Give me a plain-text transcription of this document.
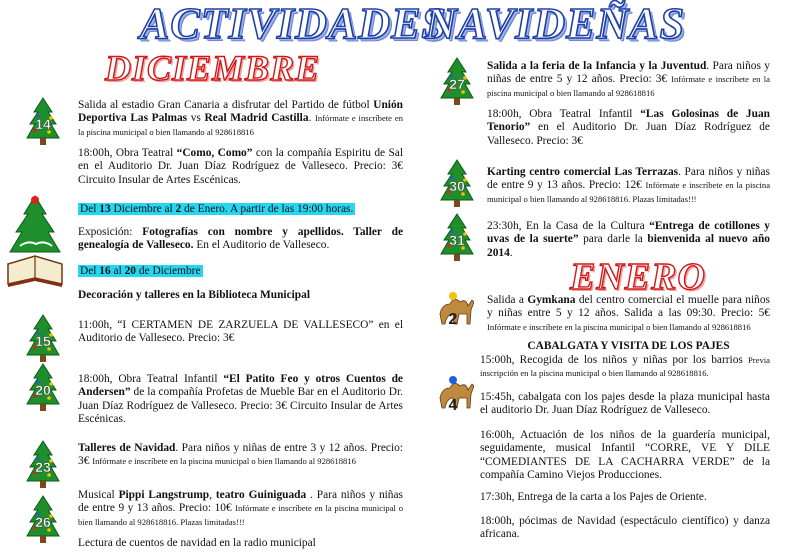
ACTIVIDADES
NAVIDEÑAS
DICIEMBRE
ENERO
14
15
20
23
26
27
30
31
2
4
Salida al estadio Gran Canaria a disfrutar del Partido de fútbol Unión Deportiva Las Palmas vs Real Madrid Castilla. Infórmate e inscríbete en la piscina municipal o bien llamando al 928618816
18:00h, Obra Teatral “Como, Como” con la compañía Espiritu de Sal en el Auditorio Dr. Juan Díaz Rodríguez de Valleseco. Precio: 3€ Circuito Insular de Artes Escénicas.
Del 13 Diciembre al 2 de Enero. A partir de las 19:00 horas.
Exposición: Fotografías con nombre y apellidos. Taller de genealogía de Valleseco. En el Auditorio de Valleseco.
Del 16 al 20 de Diciembre
Decoración y talleres en la Biblioteca Municipal
11:00h, “I CERTAMEN DE ZARZUELA DE VALLESECO” en el Auditorio de Valleseco. Precio: 3€
18:00h, Obra Teatral Infantil “El Patito Feo y otros Cuentos de Andersen” de la compañía Profetas de Mueble Bar en el Auditorio Dr. Juan Díaz Rodríguez de Valleseco. Precio: 3€ Circuito Insular de Artes Escénicas.
Talleres de Navidad. Para niños y niñas de entre 3 y 12 años. Precio: 3€ Infórmate e inscríbete en la piscina municipal o bien llamando al 928618816
Musical Pippi Langstrump, teatro Guiniguada . Para niños y niñas de entre 9 y 13 años. Precio: 10€ Infórmate e inscríbete en la piscina municipal o bien llamando al 928618816. Plazas limitadas!!!
Lectura de cuentos de navidad en la radio municipal
Salida a la feria de la Infancia y la Juventud. Para niños y niñas de entre 5 y 12 años. Precio: 3€ Infórmate e inscríbete en la piscina municipal o bien llamando al 928618816
18:00h, Obra Teatral Infantil “Las Golosinas de Juan Tenorio” en el Auditorio Dr. Juan Díaz Rodríguez de Valleseco. Precio: 3€
Karting centro comercial Las Terrazas. Para niños y niñas de entre 9 y 13 años. Precio: 12€ Infórmate e inscríbete en la piscina municipal o bien llamando al 928618816. Plazas limitadas!!!
23:30h, En la Casa de la Cultura “Entrega de cotillones y uvas de la suerte” para darle la bienvenida al nuevo año 2014.
Salida a Gymkana del centro comercial el muelle para niños y niñas entre 5 y 12 años. Salida a las 09:30. Precio: 5€ Infórmate e inscríbete en la piscina municipal o bien llamando al 928618816
CABALGATA Y VISITA DE LOS PAJES
15:00h, Recogida de los niños y niñas por los barrios Previa inscripción en la piscina municipal o bien llamando al 928618816.
15:45h, cabalgata con los pajes desde la plaza municipal hasta el auditorio Dr. Juan Díaz Rodríguez de Valleseco.
16:00h, Actuación de los niños de la guardería municipal, seguidamente, musical Infantil “CORRE, VE Y DILE “COMEDIANTES DE LA CACHARRA VERDE” de la compañía Camino Viejos Producciones.
17:30h, Entrega de la carta a los Pajes de Oriente.
18:00h, pócimas de Navidad (espectáculo científico) y danza africana.
